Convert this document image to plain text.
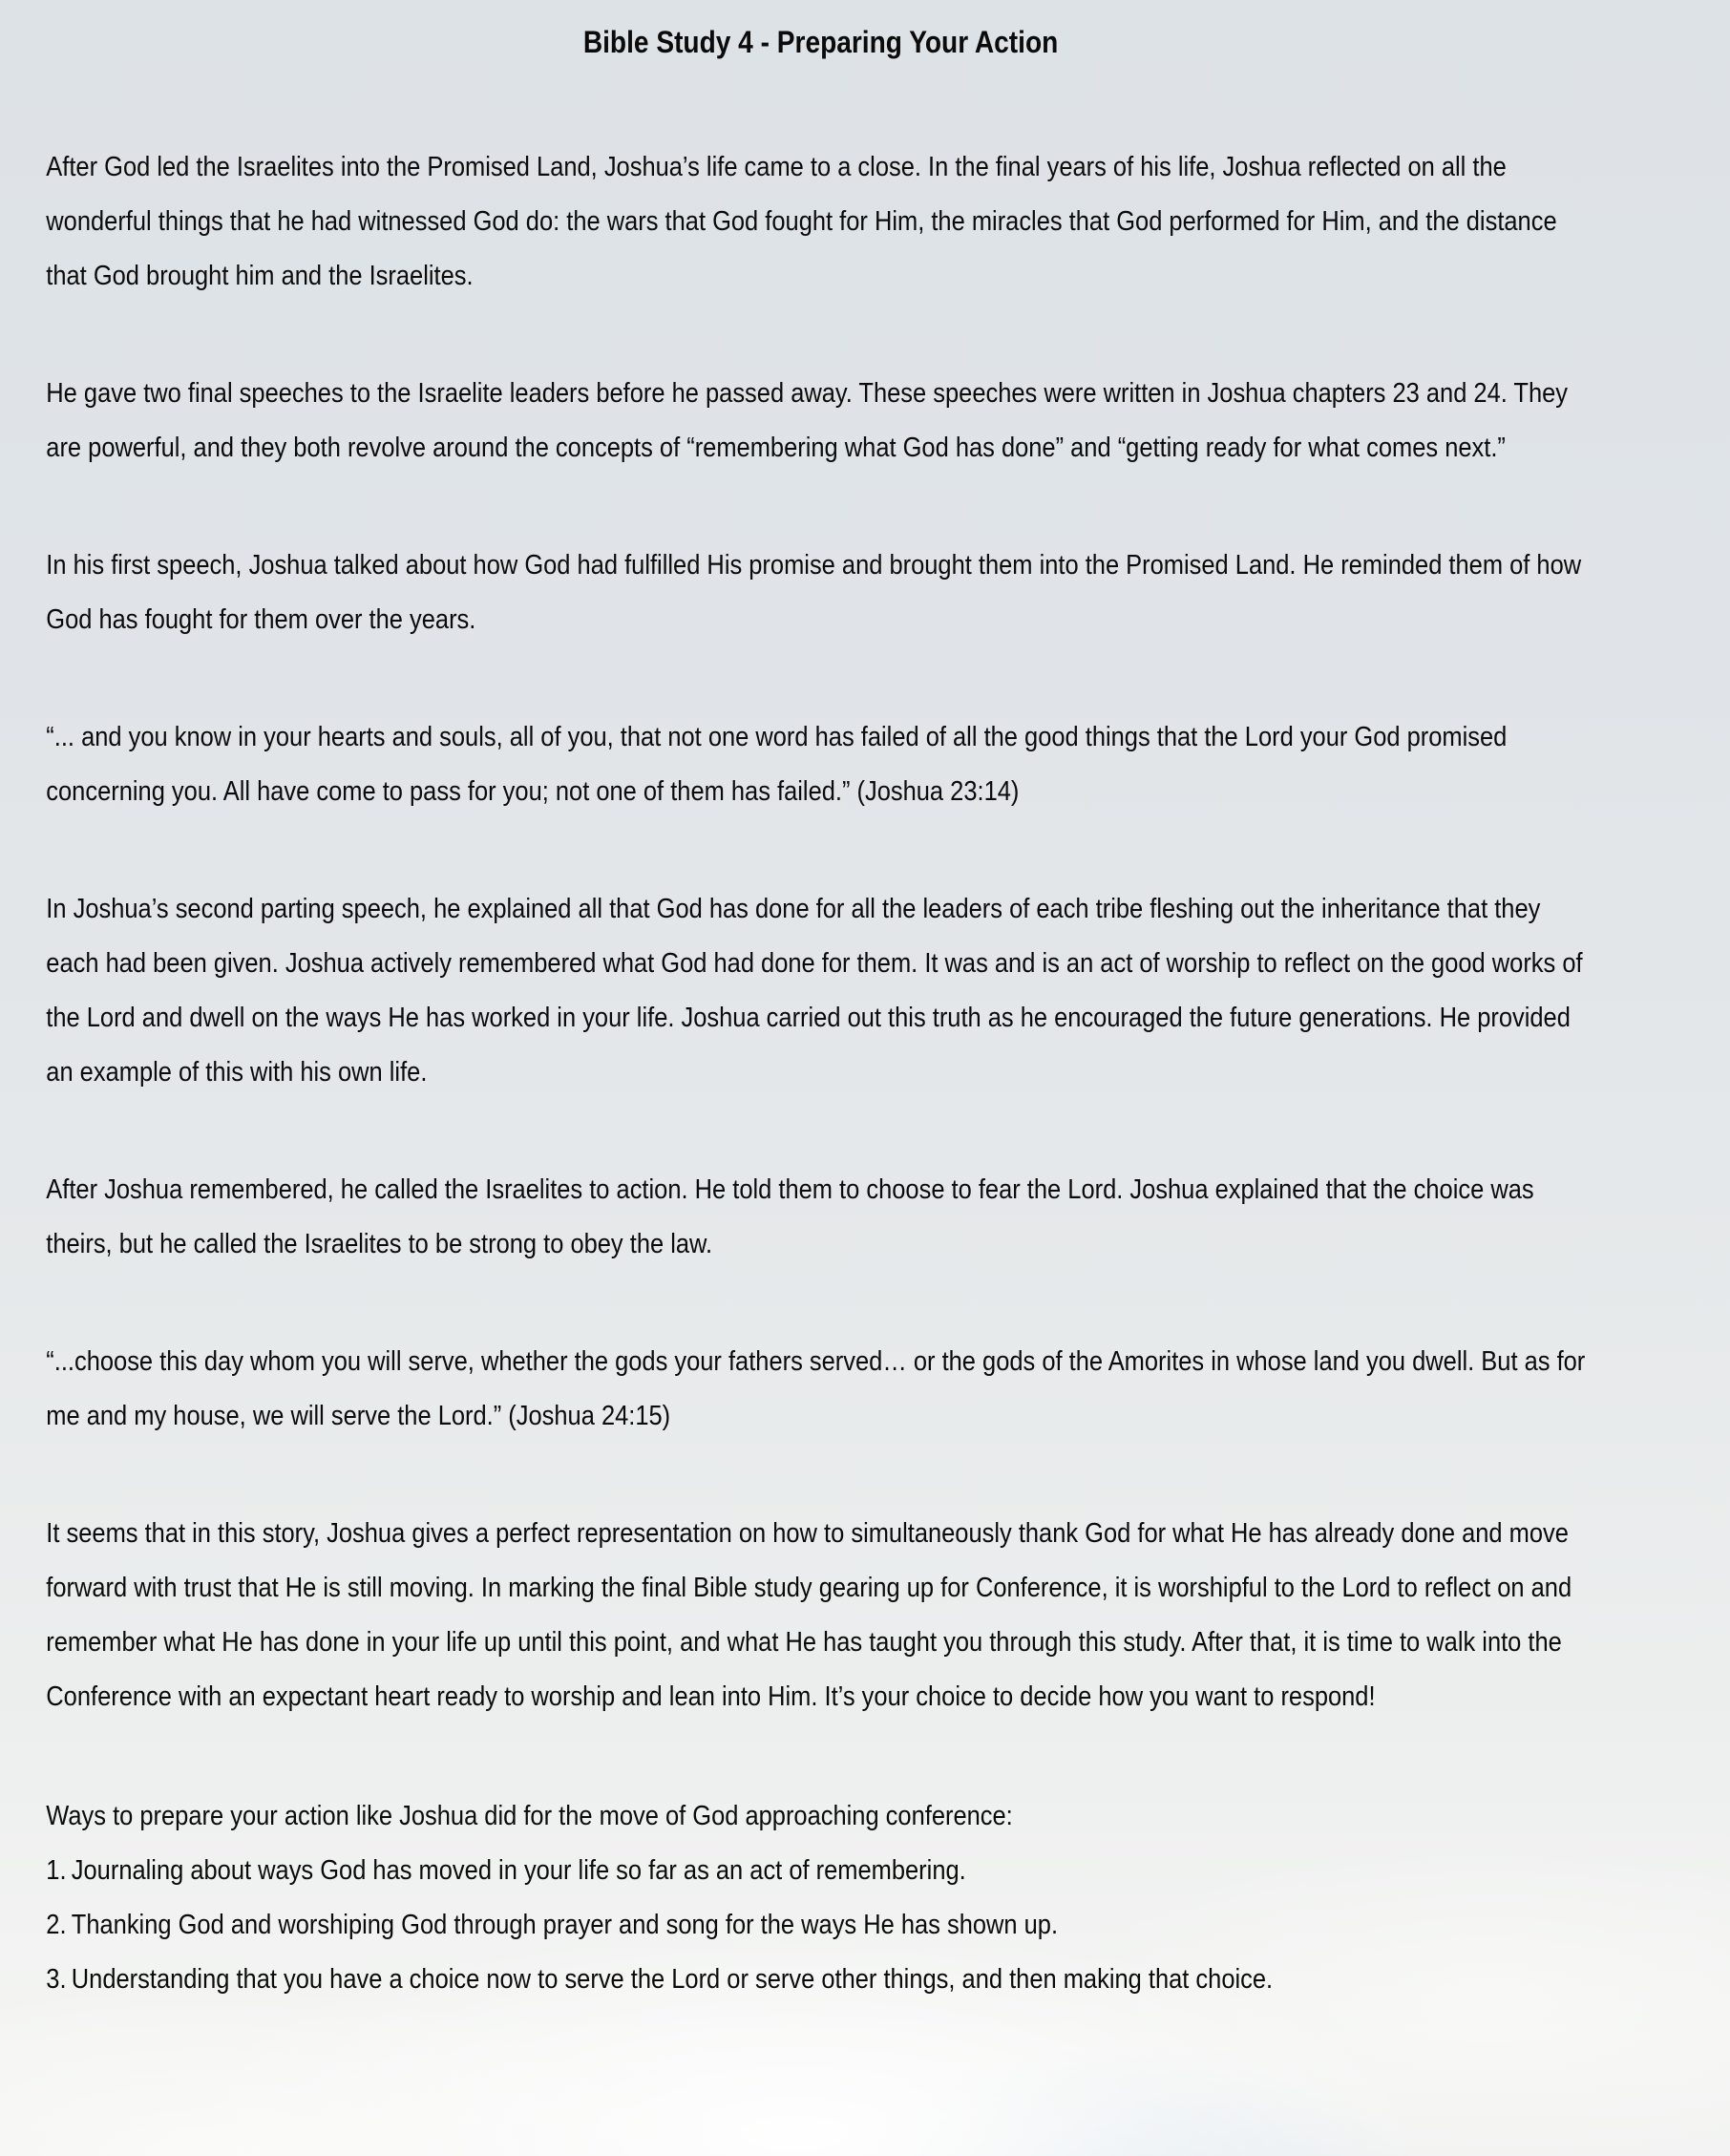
Bible Study 4 - Preparing Your Action

After God led the Israelites into the Promised Land, Joshua’s life came to a close. In the final years of his life, Joshua reflected on all the wonderful things that he had witnessed God do: the wars that God fought for Him, the miracles that God performed for Him, and the distance that God brought him and the Israelites.

He gave two final speeches to the Israelite leaders before he passed away. These speeches were written in Joshua chapters 23 and 24. They are powerful, and they both revolve around the concepts of “remembering what God has done” and “getting ready for what comes next.”

In his first speech, Joshua talked about how God had fulfilled His promise and brought them into the Promised Land. He reminded them of how God has fought for them over the years.

“... and you know in your hearts and souls, all of you, that not one word has failed of all the good things that the Lord your God promised concerning you. All have come to pass for you; not one of them has failed.” (Joshua 23:14)

In Joshua’s second parting speech, he explained all that God has done for all the leaders of each tribe fleshing out the inheritance that they each had been given. Joshua actively remembered what God had done for them. It was and is an act of worship to reflect on the good works of the Lord and dwell on the ways He has worked in your life. Joshua carried out this truth as he encouraged the future generations. He provided an example of this with his own life.

After Joshua remembered, he called the Israelites to action. He told them to choose to fear the Lord. Joshua explained that the choice was theirs, but he called the Israelites to be strong to obey the law.

“...choose this day whom you will serve, whether the gods your fathers served… or the gods of the Amorites in whose land you dwell. But as for me and my house, we will serve the Lord.” (Joshua 24:15)

It seems that in this story, Joshua gives a perfect representation on how to simultaneously thank God for what He has already done and move forward with trust that He is still moving. In marking the final Bible study gearing up for Conference, it is worshipful to the Lord to reflect on and remember what He has done in your life up until this point, and what He has taught you through this study. After that, it is time to walk into the Conference with an expectant heart ready to worship and lean into Him. It’s your choice to decide how you want to respond!

Ways to prepare your action like Joshua did for the move of God approaching conference:
1. Journaling about ways God has moved in your life so far as an act of remembering.
2. Thanking God and worshiping God through prayer and song for the ways He has shown up.
3. Understanding that you have a choice now to serve the Lord or serve other things, and then making that choice.
